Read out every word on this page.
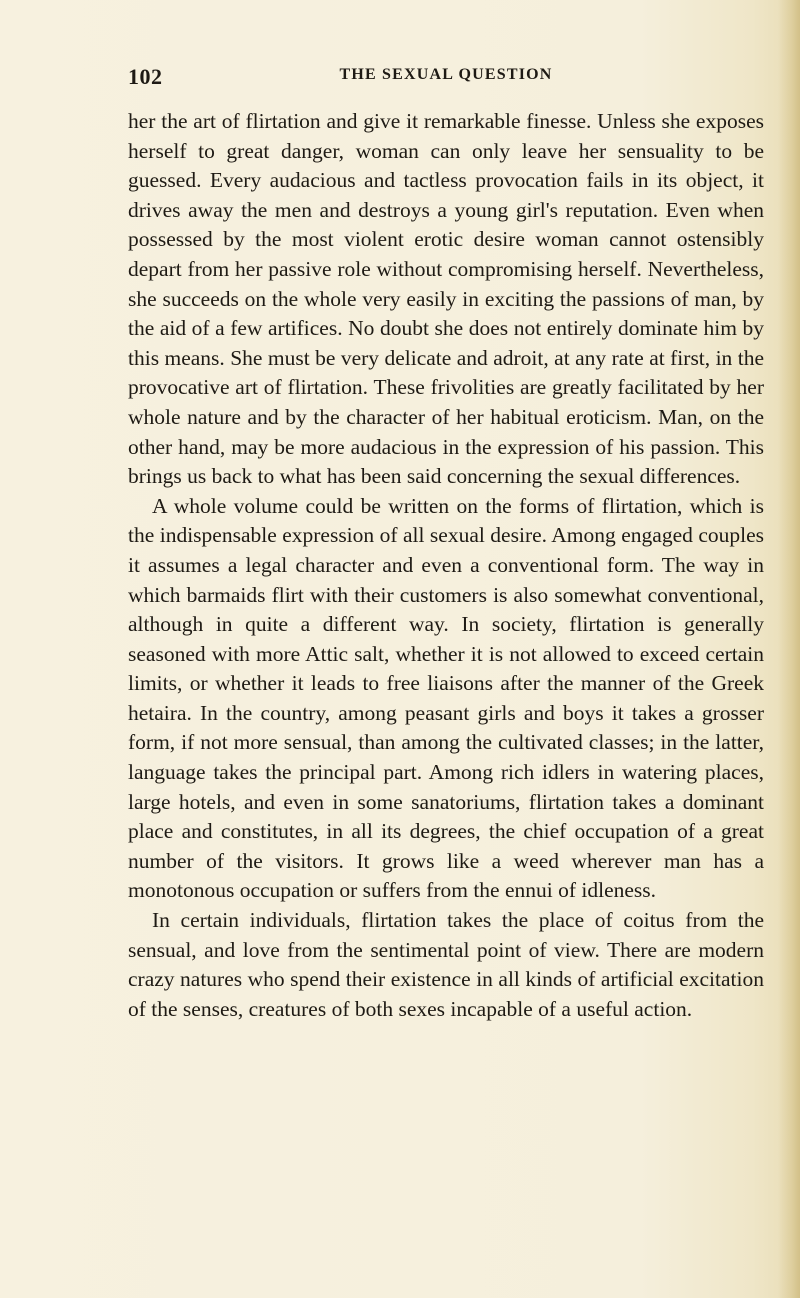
102	THE SEXUAL QUESTION

her the art of flirtation and give it remarkable finesse. Unless she exposes herself to great danger, woman can only leave her sensuality to be guessed. Every audacious and tactless provocation fails in its object, it drives away the men and destroys a young girl's reputation. Even when possessed by the most violent erotic desire woman cannot ostensibly depart from her passive role without compromising herself. Nevertheless, she succeeds on the whole very easily in exciting the passions of man, by the aid of a few artifices. No doubt she does not entirely dominate him by this means. She must be very delicate and adroit, at any rate at first, in the provocative art of flirtation. These frivolities are greatly facilitated by her whole nature and by the character of her habitual eroticism. Man, on the other hand, may be more audacious in the expression of his passion. This brings us back to what has been said concerning the sexual differences.

A whole volume could be written on the forms of flirtation, which is the indispensable expression of all sexual desire. Among engaged couples it assumes a legal character and even a conventional form. The way in which barmaids flirt with their customers is also somewhat conventional, although in quite a different way. In society, flirtation is generally seasoned with more Attic salt, whether it is not allowed to exceed certain limits, or whether it leads to free liaisons after the manner of the Greek hetaira. In the country, among peasant girls and boys it takes a grosser form, if not more sensual, than among the cultivated classes; in the latter, language takes the principal part. Among rich idlers in watering places, large hotels, and even in some sanatoriums, flirtation takes a dominant place and constitutes, in all its degrees, the chief occupation of a great number of the visitors. It grows like a weed wherever man has a monotonous occupation or suffers from the ennui of idleness.

In certain individuals, flirtation takes the place of coitus from the sensual, and love from the sentimental point of view. There are modern crazy natures who spend their existence in all kinds of artificial excitation of the senses, creatures of both sexes incapable of a useful action.
